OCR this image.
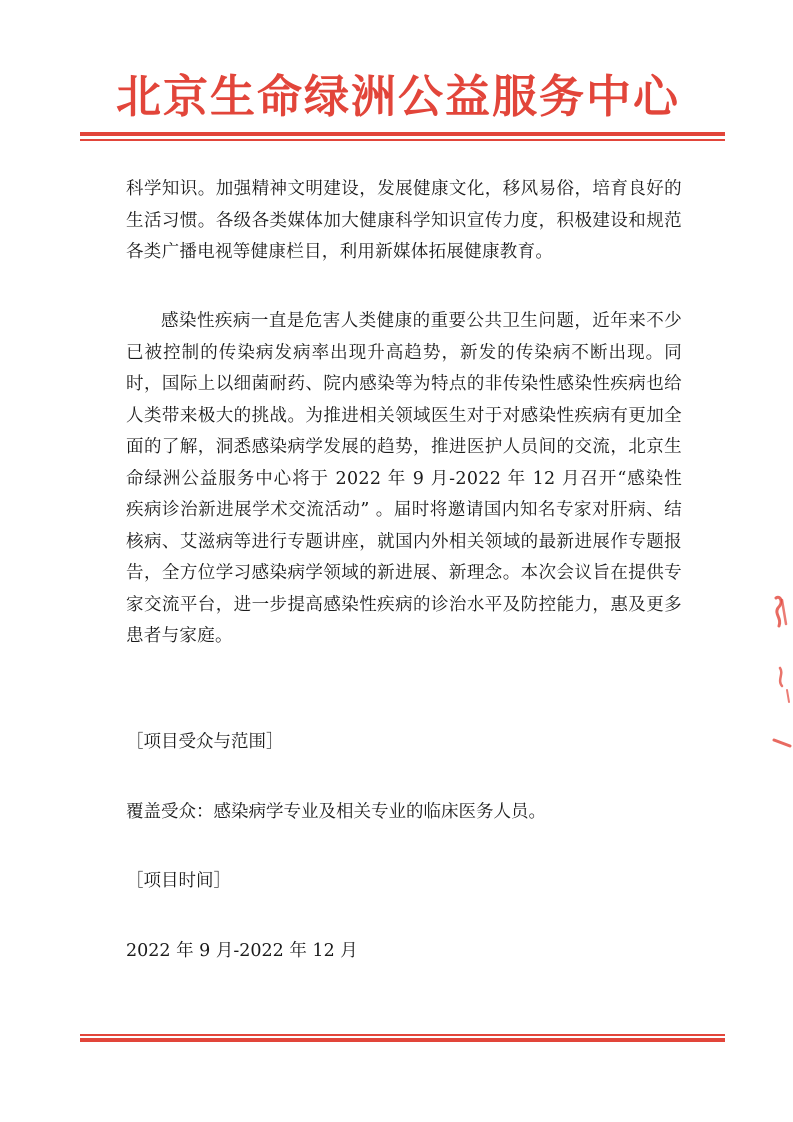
北京生命绿洲公益服务中心

科学知识。加强精神文明建设，发展健康文化，移风易俗，培育良好的生活习惯。各级各类媒体加大健康科学知识宣传力度，积极建设和规范各类广播电视等健康栏目，利用新媒体拓展健康教育。

感染性疾病一直是危害人类健康的重要公共卫生问题，近年来不少已被控制的传染病发病率出现升高趋势，新发的传染病不断出现。同时，国际上以细菌耐药、院内感染等为特点的非传染性感染性疾病也给人类带来极大的挑战。为推进相关领域医生对于对感染性疾病有更加全面的了解，洞悉感染病学发展的趋势，推进医护人员间的交流，北京生命绿洲公益服务中心将于 2022 年 9 月-2022 年 12 月召开“感染性疾病诊治新进展学术交流活动” 。届时将邀请国内知名专家对肝病、结核病、艾滋病等进行专题讲座，就国内外相关领域的最新进展作专题报告，全方位学习感染病学领域的新进展、新理念。本次会议旨在提供专家交流平台，进一步提高感染性疾病的诊治水平及防控能力，惠及更多患者与家庭。

［项目受众与范围］

覆盖受众：感染病学专业及相关专业的临床医务人员。

［项目时间］

2022 年 9 月-2022 年 12 月
